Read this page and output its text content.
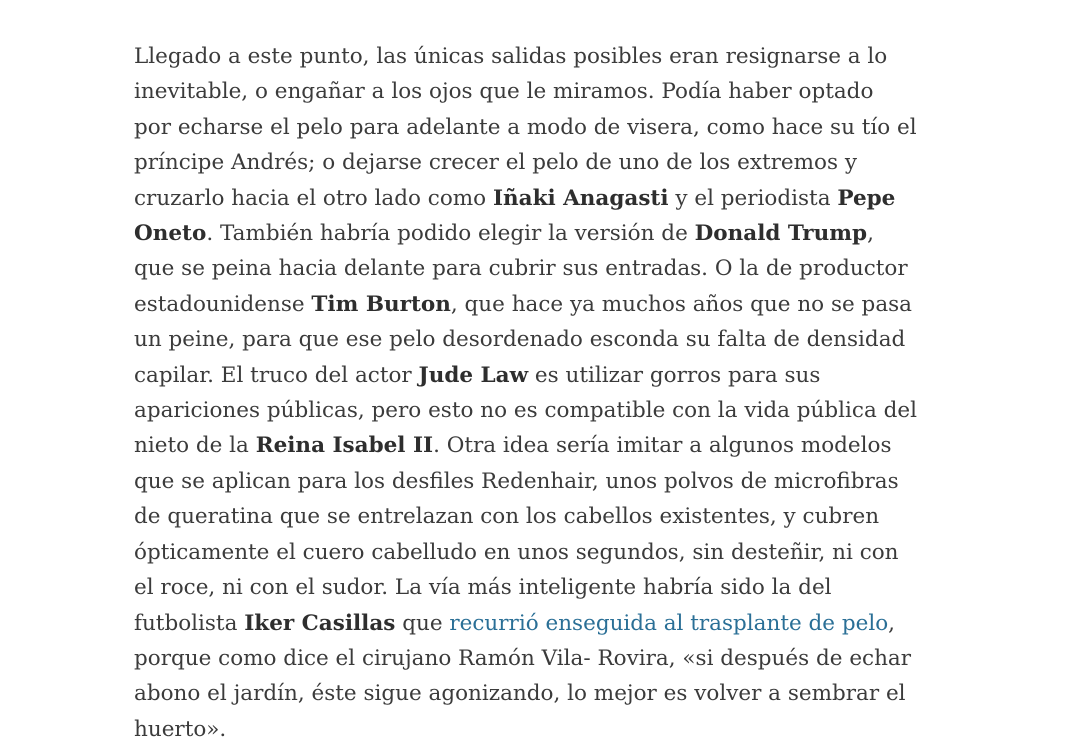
Llegado a este punto, las únicas salidas posibles eran resignarse a lo
inevitable, o engañar a los ojos que le miramos. Podía haber optado
por echarse el pelo para adelante a modo de visera, como hace su tío el
príncipe Andrés; o dejarse crecer el pelo de uno de los extremos y
cruzarlo hacia el otro lado como Iñaki Anagasti y el periodista Pepe
Oneto. También habría podido elegir la versión de Donald Trump,
que se peina hacia delante para cubrir sus entradas. O la de productor
estadounidense Tim Burton, que hace ya muchos años que no se pasa
un peine, para que ese pelo desordenado esconda su falta de densidad
capilar. El truco del actor Jude Law es utilizar gorros para sus
apariciones públicas, pero esto no es compatible con la vida pública del
nieto de la Reina Isabel II. Otra idea sería imitar a algunos modelos
que se aplican para los desfiles Redenhair, unos polvos de microfibras
de queratina que se entrelazan con los cabellos existentes, y cubren
ópticamente el cuero cabelludo en unos segundos, sin desteñir, ni con
el roce, ni con el sudor. La vía más inteligente habría sido la del
futbolista Iker Casillas que recurrió enseguida al trasplante de pelo,
porque como dice el cirujano Ramón Vila- Rovira, «si después de echar
abono el jardín, éste sigue agonizando, lo mejor es volver a sembrar el
huerto».
